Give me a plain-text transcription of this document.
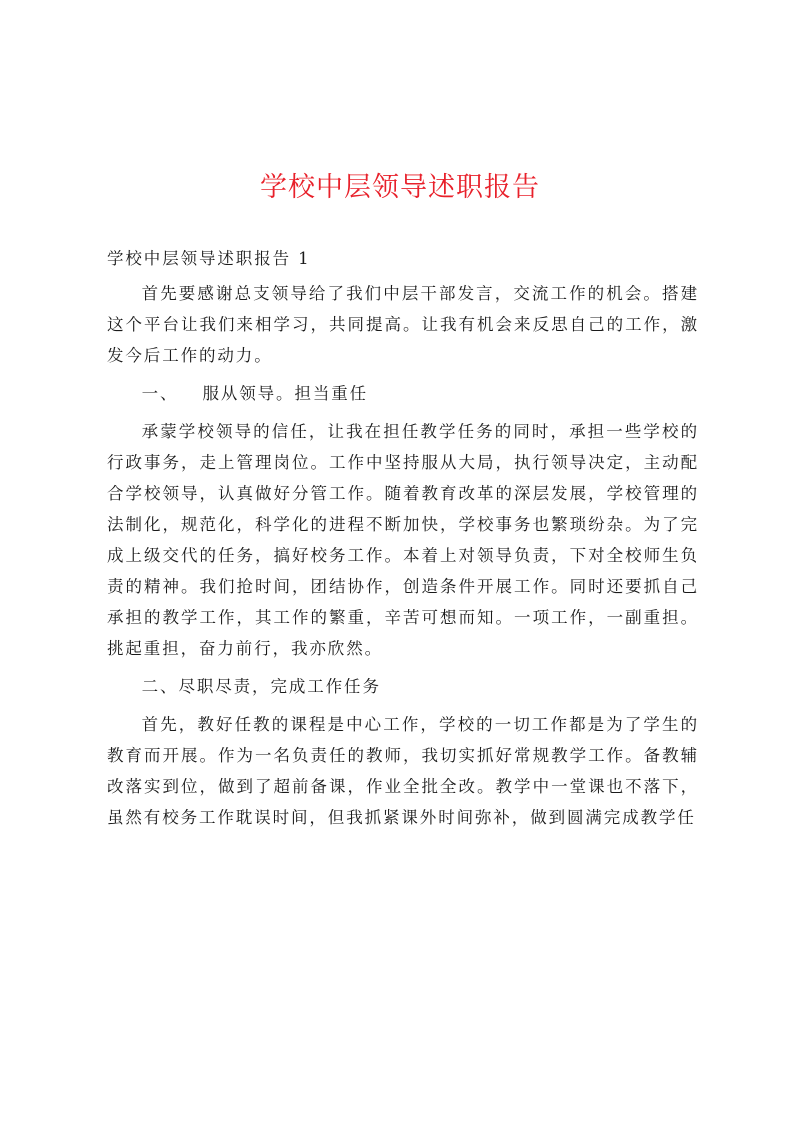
学校中层领导述职报告

学校中层领导述职报告 1

首先要感谢总支领导给了我们中层干部发言，交流工作的机会。搭建这个平台让我们来相学习，共同提高。让我有机会来反思自己的工作，激发今后工作的动力。

一、 服从领导。担当重任

承蒙学校领导的信任，让我在担任教学任务的同时，承担一些学校的行政事务，走上管理岗位。工作中坚持服从大局，执行领导决定，主动配合学校领导，认真做好分管工作。随着教育改革的深层发展，学校管理的法制化，规范化，科学化的进程不断加快，学校事务也繁琐纷杂。为了完成上级交代的任务，搞好校务工作。本着上对领导负责，下对全校师生负责的精神。我们抢时间，团结协作，创造条件开展工作。同时还要抓自己承担的教学工作，其工作的繁重，辛苦可想而知。一项工作，一副重担。挑起重担，奋力前行，我亦欣然。

二、尽职尽责，完成工作任务

首先，教好任教的课程是中心工作，学校的一切工作都是为了学生的教育而开展。作为一名负责任的教师，我切实抓好常规教学工作。备教辅改落实到位，做到了超前备课，作业全批全改。教学中一堂课也不落下，虽然有校务工作耽误时间，但我抓紧课外时间弥补，做到圆满完成教学任
